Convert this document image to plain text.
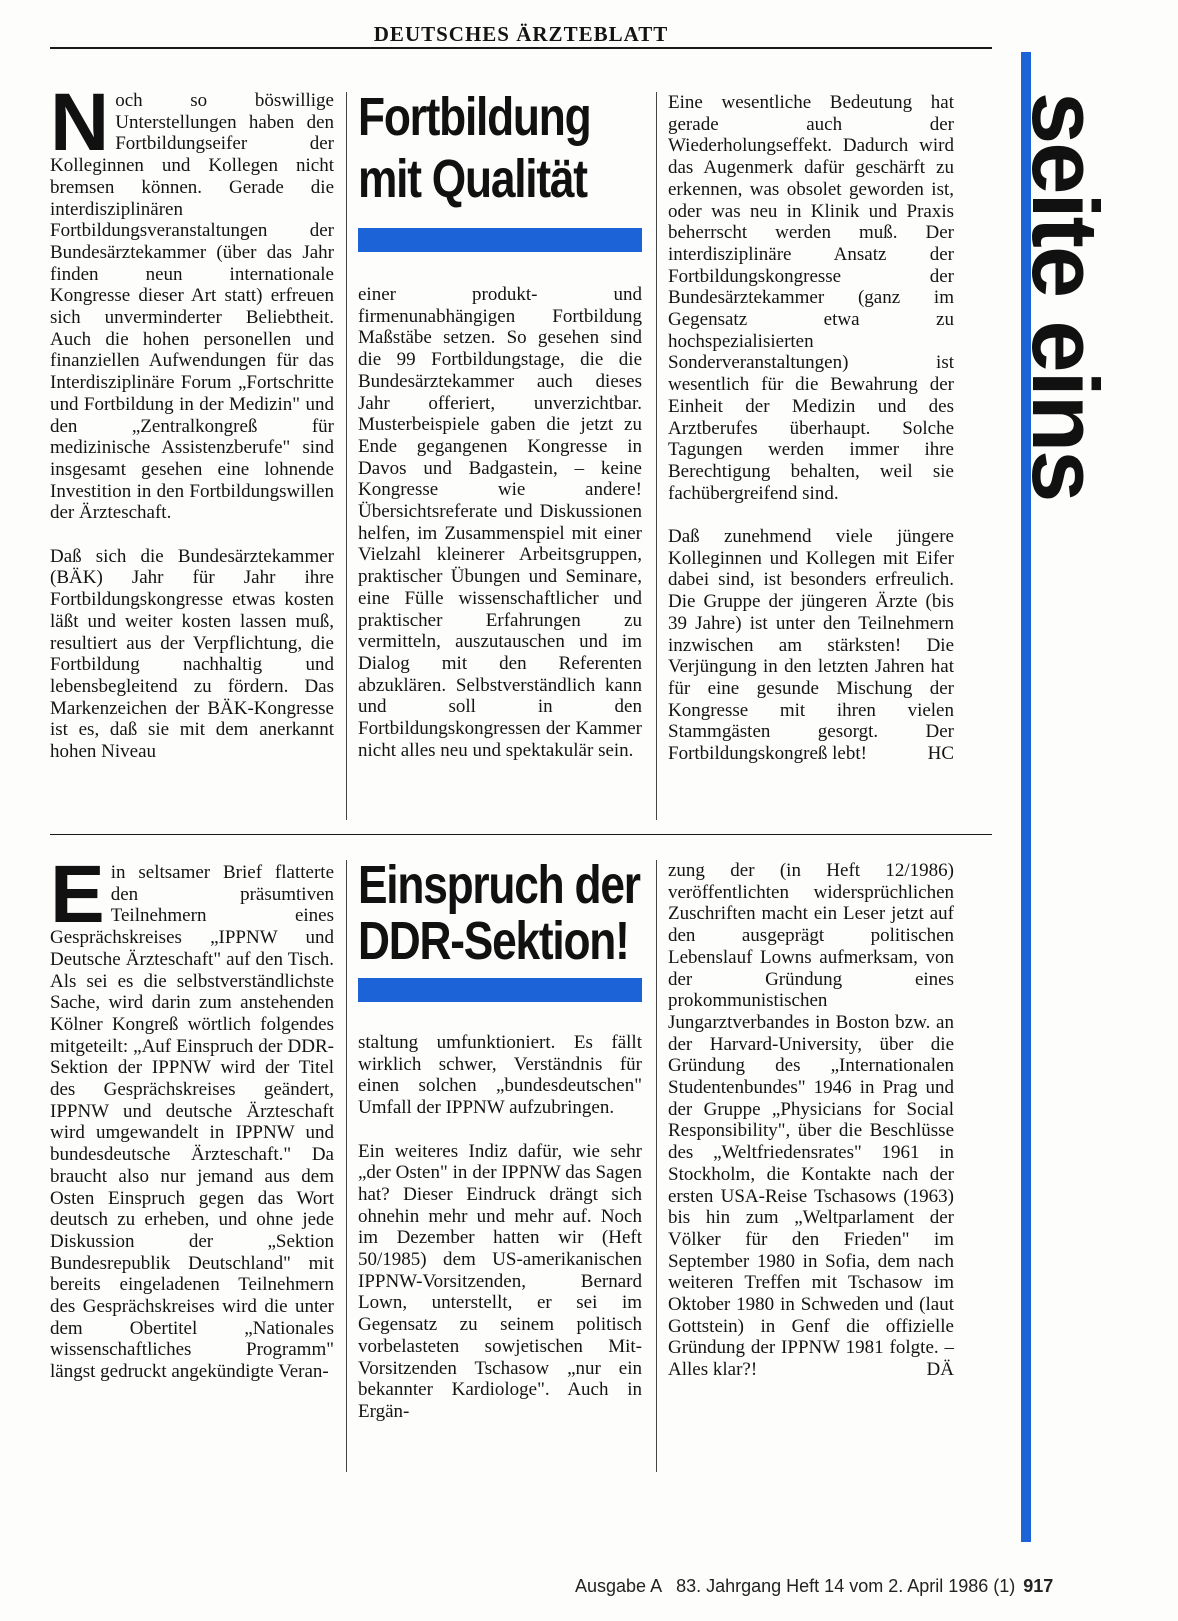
DEUTSCHES ÄRZTEBLATT
seite eins

Noch so böswillige Unterstellungen haben den Fortbildungseifer der Kolleginnen und Kollegen nicht bremsen können. Gerade die interdisziplinären Fortbildungsveranstaltungen der Bundesärztekammer (über das Jahr finden neun internationale Kongresse dieser Art statt) erfreuen sich unverminderter Beliebtheit. Auch die hohen personellen und finanziellen Aufwendungen für das Interdisziplinäre Forum „Fortschritte und Fortbildung in der Medizin" und den „Zentralkongreß für medizinische Assistenzberufe" sind insgesamt gesehen eine lohnende Investition in den Fortbildungswillen der Ärzteschaft.

Daß sich die Bundesärztekammer (BÄK) Jahr für Jahr ihre Fortbildungskongresse etwas kosten läßt und weiter kosten lassen muß, resultiert aus der Verpflichtung, die Fortbildung nachhaltig und lebensbegleitend zu fördern. Das Markenzeichen der BÄK-Kongresse ist es, daß sie mit dem anerkannt hohen Niveau

Fortbildung
mit Qualität

einer produkt- und firmenunabhängigen Fortbildung Maßstäbe setzen. So gesehen sind die 99 Fortbildungstage, die die Bundesärztekammer auch dieses Jahr offeriert, unverzichtbar. Musterbeispiele gaben die jetzt zu Ende gegangenen Kongresse in Davos und Badgastein, – keine Kongresse wie andere! Übersichtsreferate und Diskussionen helfen, im Zusammenspiel mit einer Vielzahl kleinerer Arbeitsgruppen, praktischer Übungen und Seminare, eine Fülle wissenschaftlicher und praktischer Erfahrungen zu vermitteln, auszutauschen und im Dialog mit den Referenten abzuklären. Selbstverständlich kann und soll in den Fortbildungskongressen der Kammer nicht alles neu und spektakulär sein.

Eine wesentliche Bedeutung hat gerade auch der Wiederholungseffekt. Dadurch wird das Augenmerk dafür geschärft zu erkennen, was obsolet geworden ist, oder was neu in Klinik und Praxis beherrscht werden muß. Der interdisziplinäre Ansatz der Fortbildungskongresse der Bundesärztekammer (ganz im Gegensatz etwa zu hochspezialisierten Sonderveranstaltungen) ist wesentlich für die Bewahrung der Einheit der Medizin und des Arztberufes überhaupt. Solche Tagungen werden immer ihre Berechtigung behalten, weil sie fachübergreifend sind.

Daß zunehmend viele jüngere Kolleginnen und Kollegen mit Eifer dabei sind, ist besonders erfreulich. Die Gruppe der jüngeren Ärzte (bis 39 Jahre) ist unter den Teilnehmern inzwischen am stärksten! Die Verjüngung in den letzten Jahren hat für eine gesunde Mischung der Kongresse mit ihren vielen Stammgästen gesorgt. Der Fortbildungskongreß lebt!	HC

Ein seltsamer Brief flatterte den präsumtiven Teilnehmern eines Gesprächskreises „IPPNW und Deutsche Ärzteschaft" auf den Tisch. Als sei es die selbstverständlichste Sache, wird darin zum anstehenden Kölner Kongreß wörtlich folgendes mitgeteilt: „Auf Einspruch der DDR-Sektion der IPPNW wird der Titel des Gesprächskreises geändert, IPPNW und deutsche Ärzteschaft wird umgewandelt in IPPNW und bundesdeutsche Ärzteschaft." Da braucht also nur jemand aus dem Osten Einspruch gegen das Wort deutsch zu erheben, und ohne jede Diskussion der „Sektion Bundesrepublik Deutschland" mit bereits eingeladenen Teilnehmern des Gesprächskreises wird die unter dem Obertitel „Nationales wissenschaftliches Programm" längst gedruckt angekündigte Veran-

Einspruch der
DDR-Sektion!

staltung umfunktioniert. Es fällt wirklich schwer, Verständnis für einen solchen „bundesdeutschen" Umfall der IPPNW aufzubringen.

Ein weiteres Indiz dafür, wie sehr „der Osten" in der IPPNW das Sagen hat? Dieser Eindruck drängt sich ohnehin mehr und mehr auf. Noch im Dezember hatten wir (Heft 50/1985) dem US-amerikanischen IPPNW-Vorsitzenden, Bernard Lown, unterstellt, er sei im Gegensatz zu seinem politisch vorbelasteten sowjetischen Mit-Vorsitzenden Tschasow „nur ein bekannter Kardiologe". Auch in Ergän-

zung der (in Heft 12/1986) veröffentlichten widersprüchlichen Zuschriften macht ein Leser jetzt auf den ausgeprägt politischen Lebenslauf Lowns aufmerksam, von der Gründung eines prokommunistischen Jungarztverbandes in Boston bzw. an der Harvard-University, über die Gründung des „Internationalen Studentenbundes" 1946 in Prag und der Gruppe „Physicians for Social Responsibility", über die Beschlüsse des „Weltfriedensrates" 1961 in Stockholm, die Kontakte nach der ersten USA-Reise Tschasows (1963) bis hin zum „Weltparlament der Völker für den Frieden" im September 1980 in Sofia, dem nach weiteren Treffen mit Tschasow im Oktober 1980 in Schweden und (laut Gottstein) in Genf die offizielle Gründung der IPPNW 1981 folgte. – Alles klar?!	DÄ

Ausgabe A   83. Jahrgang Heft 14 vom 2. April 1986 (1) 917
